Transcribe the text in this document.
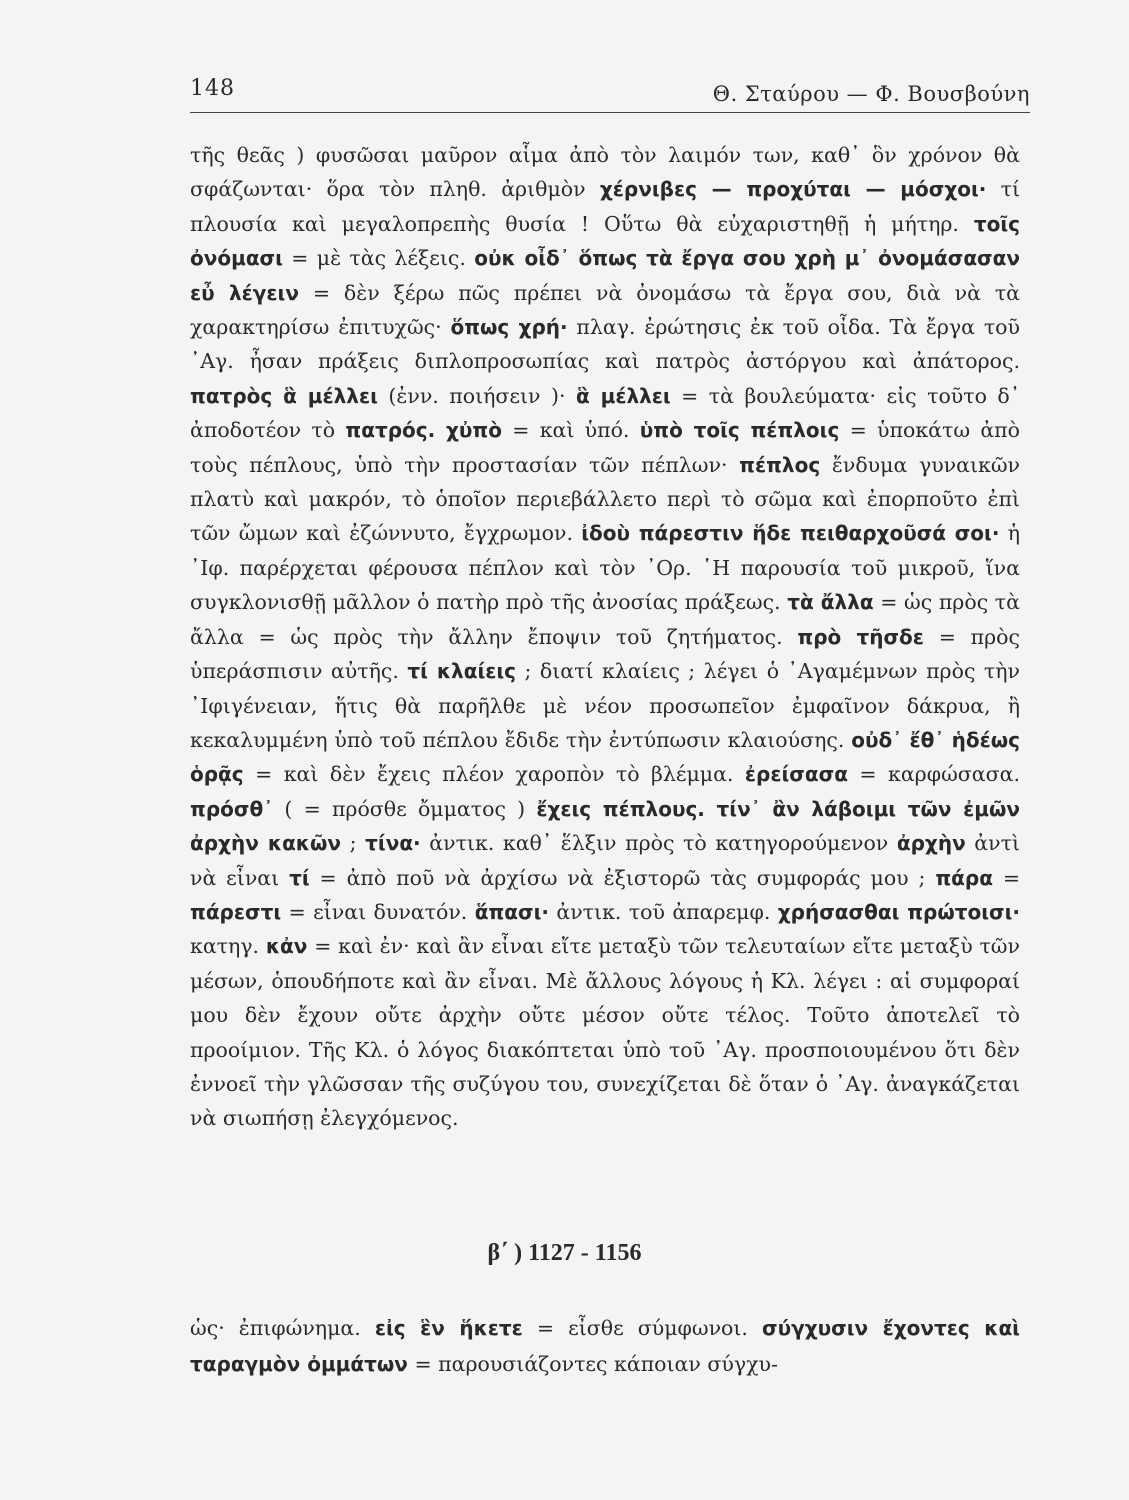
148	Θ. Σταύρου — Φ. Βουσβούνη

τῆς θεᾶς ) φυσῶσαι μαῦρον αἷμα ἀπὸ τὸν λαιμόν των, καθ᾽ ὃν χρόνον θὰ σφάζωνται· ὅρα τὸν πληθ. ἀριθμὸν χέρνιβες — προχύται — μόσχοι· τί πλουσία καὶ μεγαλοπρεπὴς θυσία ! Οὕτω θὰ εὐχαριστηθῇ ἡ μήτηρ. τοῖς ὀνόμασι = μὲ τὰς λέξεις. οὐκ οἶδ᾽ ὅπως τὰ ἔργα σου χρὴ μ᾽ ὀνομάσασαν εὖ λέγειν = δὲν ξέρω πῶς πρέπει νὰ ὀνομάσω τὰ ἔργα σου, διὰ νὰ τὰ χαρακτηρίσω ἐπιτυχῶς· ὅπως χρή· πλαγ. ἐρώτησις ἐκ τοῦ οἶδα. Τὰ ἔργα τοῦ ᾽Αγ. ἦσαν πράξεις διπλοπροσωπίας καὶ πατρὸς ἀστόργου καὶ ἀπάτορος. πατρὸς ἃ μέλλει (ἐνν. ποιήσειν )· ἃ μέλλει = τὰ βουλεύματα· εἰς τοῦτο δ᾽ ἀποδοτέον τὸ πατρός. χὐπὸ = καὶ ὑπό. ὑπὸ τοῖς πέπλοις = ὑποκάτω ἀπὸ τοὺς πέπλους, ὑπὸ τὴν προστασίαν τῶν πέπλων· πέπλος ἔνδυμα γυναικῶν πλατὺ καὶ μακρόν, τὸ ὁποῖον περιεβάλλετο περὶ τὸ σῶμα καὶ ἐπορποῦτο ἐπὶ τῶν ὤμων καὶ ἐζώννυτο, ἔγχρωμον. ἰδοὺ πάρεστιν ἥδε πειθαρχοῦσά σοι· ἡ ᾽Ιφ. παρέρχεται φέρουσα πέπλον καὶ τὸν ᾽Ορ. ῾Η παρουσία τοῦ μικροῦ, ἵνα συγκλονισθῇ μᾶλλον ὁ πατὴρ πρὸ τῆς ἀνοσίας πράξεως. τὰ ἄλλα = ὡς πρὸς τὰ ἄλλα = ὡς πρὸς τὴν ἄλλην ἔποψιν τοῦ ζητήματος. πρὸ τῆσδε = πρὸς ὑπεράσπισιν αὐτῆς. τί κλαίεις ; διατί κλαίεις ; λέγει ὁ ᾽Αγαμέμνων πρὸς τὴν ᾽Ιφιγένειαν, ἥτις θὰ παρῆλθε μὲ νέον προσωπεῖον ἐμφαῖνον δάκρυα, ἢ κεκαλυμμένη ὑπὸ τοῦ πέπλου ἔδιδε τὴν ἐντύπωσιν κλαιούσης. οὐδ᾽ ἔθ᾽ ἡδέως ὁρᾷς = καὶ δὲν ἔχεις πλέον χαροπὸν τὸ βλέμμα. ἐρείσασα = καρφώσασα. πρόσθ᾽ ( = πρόσθε ὄμματος ) ἔχεις πέπλους. τίν᾽ ἂν λάβοιμι τῶν ἐμῶν ἀρχὴν κακῶν ; τίνα· ἀντικ. καθ᾽ ἕλξιν πρὸς τὸ κατηγορούμενον ἀρχὴν ἀντὶ νὰ εἶναι τί = ἀπὸ ποῦ νὰ ἀρχίσω νὰ ἐξιστορῶ τὰς συμφοράς μου ; πάρα = πάρεστι = εἶναι δυνατόν. ἅπασι· ἀντικ. τοῦ ἀπαρεμφ. χρήσασθαι πρώτοισι· κατηγ. κἀν = καὶ ἐν· καὶ ἂν εἶναι εἴτε μεταξὺ τῶν τελευταίων εἴτε μεταξὺ τῶν μέσων, ὁπουδήποτε καὶ ἂν εἶναι. Μὲ ἄλλους λόγους ἡ Κλ. λέγει : αἱ συμφοραί μου δὲν ἔχουν οὔτε ἀρχὴν οὔτε μέσον οὔτε τέλος. Τοῦτο ἀποτελεῖ τὸ προοίμιον. Τῆς Κλ. ὁ λόγος διακόπτεται ὑπὸ τοῦ ᾽Αγ. προσποιουμένου ὅτι δὲν ἐννοεῖ τὴν γλῶσσαν τῆς συζύγου του, συνεχίζεται δὲ ὅταν ὁ ᾽Αγ. ἀναγκάζεται νὰ σιωπήσῃ ἐλεγχόμενος.

β΄ ) 1127 - 1156

ὡς· ἐπιφώνημα. εἰς ἓν ἥκετε = εἶσθε σύμφωνοι. σύγχυσιν ἔχοντες καὶ ταραγμὸν ὀμμάτων = παρουσιάζοντες κάποιαν σύγχυ-
